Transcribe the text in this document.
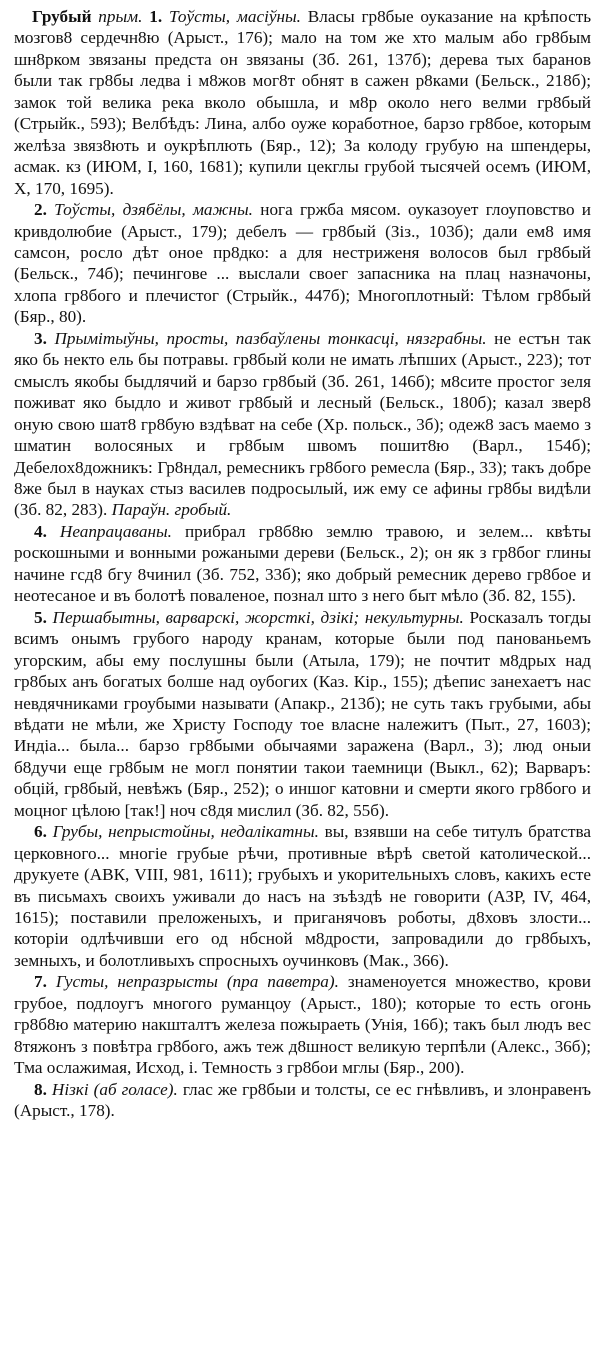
Грубый прым. 1. Тоўсты, масіўны. Власы гр8бые оуказание на крѣпость мозгов8 сердечн8ю (Арыст., 176); мало на том же хто малым або гр8бым шн8рком звязаны предста он звязаны (Зб. 261, 137б); дерева тых баранов были так гр8бы ледва і м8жов мог8т обнят в сажен р8ками (Бельск., 218б); замок той велика река вколо обышла, и м8р около него велми гр8бый (Стрыйк., 593); Велбѣдъ: Лина, албо оуже коработное, барзо гр8бое, которым желѣза звяз8ють и оукрѣплють (Бяр., 12); За колоду грубую на шпендеры, асмак. кз (ИЮМ, I, 160, 1681); купили цекглы грубой тысячей осемъ (ИЮМ, X, 170, 1695).

2. Тоўсты, дзябёлы, мажны. нога гржба мясом. оуказоует глоуповство и кривдолюбие (Арыст., 179); дебелъ — гр8бый (Зіз., 103б); дали ем8 имя самсон, росло дѣт оное пр8дко: а для нестриженя волосов был гр8бый (Бельск., 74б); печингове ... выслали своег запасника на плац назначоны, хлопа гр8бого и плечистог (Стрыйк., 447б); Многоплотный: Тѣлом гр8бый (Бяр., 80).

3. Прымітыўны, просты, пазбаўлены тонкасці, нязграбны. не естън так яко бь некто ель бы потравы. гр8бый коли не имать лѣпших (Арыст., 223); тот смыслъ якобы быдлячий и барзо гр8бый (Зб. 261, 146б); м8сите простог зеля поживат яко быдло и живот гр8бый и лесный (Бельск., 180б); казал звер8 оную свою шат8 гр8бую вздѣват на себе (Хр. польск., 3б); одеж8 засъ маемо з шматин волосяных и гр8бым швомъ пошит8ю (Варл., 154б); Дебелох8дожникъ: Гр8ндал, ремесникъ гр8бого ремесла (Бяр., 33); такъ добре 8же был в науках стыз василев подросылый, иж ему се афины гр8бы видѣли (Зб. 82, 283). Параўн. гробый.

4. Неапрацаваны. прибрал гр8б8ю землю травою, и зелем... квѣты роскошными и вонными рожаными дереви (Бельск., 2); он як з гр8бог глины начине гсд8 бгу 8чинил (Зб. 752, 33б); яко добрый ремесник дерево гр8бое и неотесаное и въ болотѣ поваленое, познал што з него быт мѣло (Зб. 82, 155).

5. Першабытны, варварскі, жорсткі, дзікі; некультурны. Росказалъ тогды всимъ онымъ грубого народу кранам, которые были под панованьемъ угорским, абы ему послушны были (Атыла, 179); не почтит м8дрых над гр8бых анъ богатых болше над оубогих (Каз. Кір., 155); дѣепис занехаетъ нас невдячниками гроубыми называти (Апакр., 213б); не суть такъ грубыми, абы вѣдати не мѣли, же Христу Господу тое власне належитъ (Пыт., 27, 1603); Индіа... была... барзо гр8быми обычаями заражена (Варл., 3); люд оныи б8дучи еще гр8бым не могл понятии такои таемници (Выкл., 62); Варваръ: обцій, гр8бый, невѣжъ (Бяр., 252); о иншог катовни и смерти якого гр8бого и моцног цѣлою [так!] ноч с8дя мислил (Зб. 82, 55б).

6. Грубы, непрыстойны, недалікатны. вы, взявши на себе титулъ братства церковного... многіе грубые рѣчи, противные вѣрѣ светой католической... друкуете (АВК, VIII, 981, 1611); грубыхъ и укорительныхъ словъ, какихъ есте въ письмахъ своихъ уживали до насъ на зъѣздѣ не говорити (АЗР, IV, 464, 1615); поставили преложеныхъ, и приганячовъ роботы, д8ховъ злости... которіи одлѣчивши его од нбсной м8дрости, запровадили до гр8быхъ, земныхъ, и болотливыхъ спросныхъ оучинковъ (Мак., 366).

7. Густы, непразрысты (пра паветра). знаменоуется множество, крови грубое, подлоугъ многого руманцоу (Арыст., 180); которые то есть огонь гр8б8ю материю накшталтъ железа пожыраеть (Унія, 16б); такъ был людъ вес 8тяжонъ з повѣтра гр8бого, ажъ теж д8шност великую терпѣли (Алекс., 36б); Тма ослажимая, Исход, і. Темность з гр8бои мглы (Бяр., 200).

8. Нізкі (аб голасе). глас же гр8быи и толсты, се ес гнѣвливъ, и злонравенъ (Арыст., 178).
